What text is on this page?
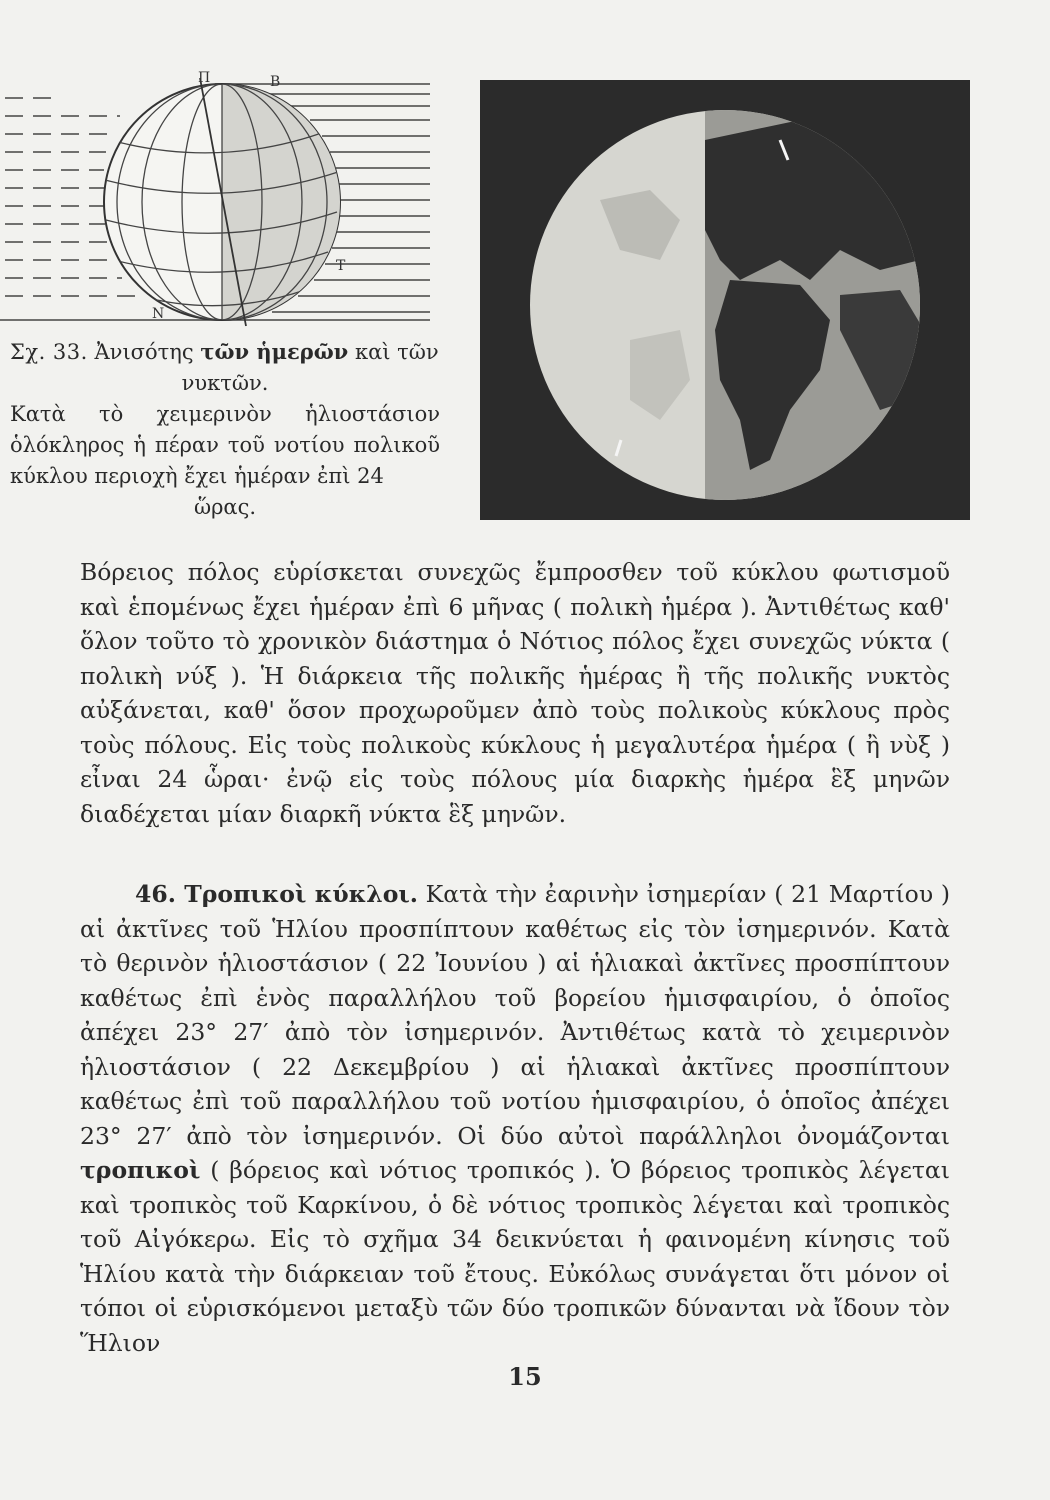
Π	Β
Τ
Ν
Σχ. 33. Ἀνισότης τῶν ἡμερῶν καὶ τῶν
νυκτῶν.
Κατὰ τὸ χειμερινὸν ἡλιοστάσιον ὁλόκληρος ἡ πέραν τοῦ νοτίου πολικοῦ κύκλου περιοχὴ ἔχει ἡμέραν ἐπὶ 24
ὥρας.
Βόρειος πόλος εὑρίσκεται συνεχῶς ἔμπροσθεν τοῦ κύκλου φωτισμοῦ καὶ ἑπομένως ἔχει ἡμέραν ἐπὶ 6 μῆνας ( πολικὴ ἡμέρα ). Ἀντιθέτως καθ' ὅλον τοῦτο τὸ χρονικὸν διάστημα ὁ Νότιος πόλος ἔχει συνεχῶς νύκτα ( πολικὴ νύξ ). Ἡ διάρκεια τῆς πολικῆς ἡμέρας ἢ τῆς πολικῆς νυκτὸς αὐξάνεται, καθ' ὅσον προχωροῦμεν ἀπὸ τοὺς πολικοὺς κύκλους πρὸς τοὺς πόλους. Εἰς τοὺς πολικοὺς κύκλους ἡ μεγαλυτέρα ἡμέρα ( ἢ νὺξ ) εἶναι 24 ὧραι· ἐνῷ εἰς τοὺς πόλους μία διαρκὴς ἡμέρα ἓξ μηνῶν διαδέχεται μίαν διαρκῆ νύκτα ἓξ μηνῶν.
46. Τροπικοὶ κύκλοι. Κατὰ τὴν ἐαρινὴν ἰσημερίαν ( 21 Μαρτίου ) αἱ ἀκτῖνες τοῦ Ἡλίου προσπίπτουν καθέτως εἰς τὸν ἰσημερινόν. Κατὰ τὸ θερινὸν ἡλιοστάσιον ( 22 Ἰουνίου ) αἱ ἡλιακαὶ ἀκτῖνες προσπίπτουν καθέτως ἐπὶ ἑνὸς παραλλήλου τοῦ βορείου ἡμισφαιρίου, ὁ ὁποῖος ἀπέχει 23° 27′ ἀπὸ τὸν ἰσημερινόν. Ἀντιθέτως κατὰ τὸ χειμερινὸν ἡλιοστάσιον ( 22 Δεκεμβρίου ) αἱ ἡλιακαὶ ἀκτῖνες προσπίπτουν καθέτως ἐπὶ τοῦ παραλλήλου τοῦ νοτίου ἡμισφαιρίου, ὁ ὁποῖος ἀπέχει 23° 27′ ἀπὸ τὸν ἰσημερινόν. Οἱ δύο αὐτοὶ παράλληλοι ὀνομάζονται τροπικοὶ ( βόρειος καὶ νότιος τροπικός ). Ὁ βόρειος τροπικὸς λέγεται καὶ τροπικὸς τοῦ Καρκίνου, ὁ δὲ νότιος τροπικὸς λέγεται καὶ τροπικὸς τοῦ Αἰγόκερω. Εἰς τὸ σχῆμα 34 δεικνύεται ἡ φαινομένη κίνησις τοῦ Ἡλίου κατὰ τὴν διάρκειαν τοῦ ἔτους. Εὐκόλως συνάγεται ὅτι μόνον οἱ τόποι οἱ εὑρισκόμενοι μεταξὺ τῶν δύο τροπικῶν δύνανται νὰ ἴδουν τὸν Ἥλιον
15
